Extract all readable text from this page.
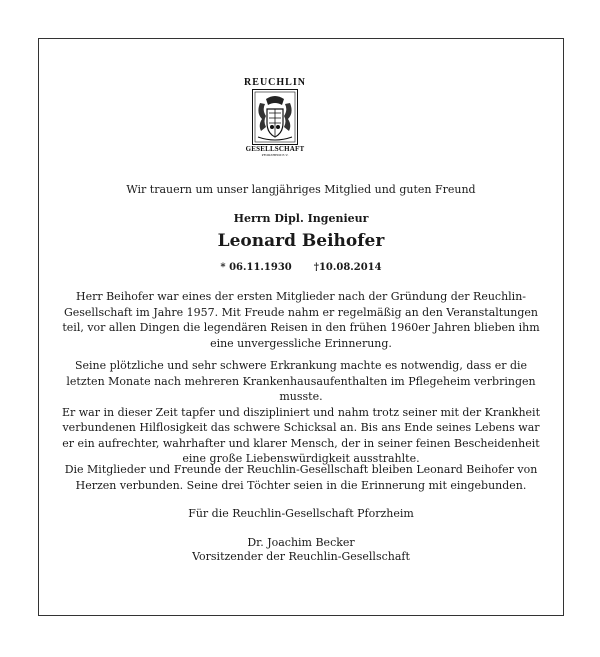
REUCHLIN
GESELLSCHAFT
PFORZHEIM E.V.
Wir trauern um unser langjähriges Mitglied und guten Freund
Herrn Dipl. Ingenieur
Leonard Beihofer
* 06.11.1930 †10.08.2014

Herr Beihofer war eines der ersten Mitglieder nach der Gründung der Reuchlin-Gesellschaft im Jahre 1957. Mit Freude nahm er regelmäßig an den Veranstaltungen teil, vor allen Dingen die legendären Reisen in den frühen 1960er Jahren blieben ihm eine unvergessliche Erinnerung.

Seine plötzliche und sehr schwere Erkrankung machte es notwendig, dass er die letzten Monate nach mehreren Krankenhausaufenthalten im Pflegeheim verbringen musste.
Er war in dieser Zeit tapfer und diszipliniert und nahm trotz seiner mit der Krankheit verbundenen Hilflosigkeit das schwere Schicksal an. Bis ans Ende seines Lebens war er ein aufrechter, wahrhafter und klarer Mensch, der in seiner feinen Bescheidenheit eine große Liebenswürdigkeit ausstrahlte.

Die Mitglieder und Freunde der Reuchlin-Gesellschaft bleiben Leonard Beihofer von Herzen verbunden. Seine drei Töchter seien in die Erinnerung mit eingebunden.

Für die Reuchlin-Gesellschaft Pforzheim
Dr. Joachim Becker
Vorsitzender der Reuchlin-Gesellschaft
